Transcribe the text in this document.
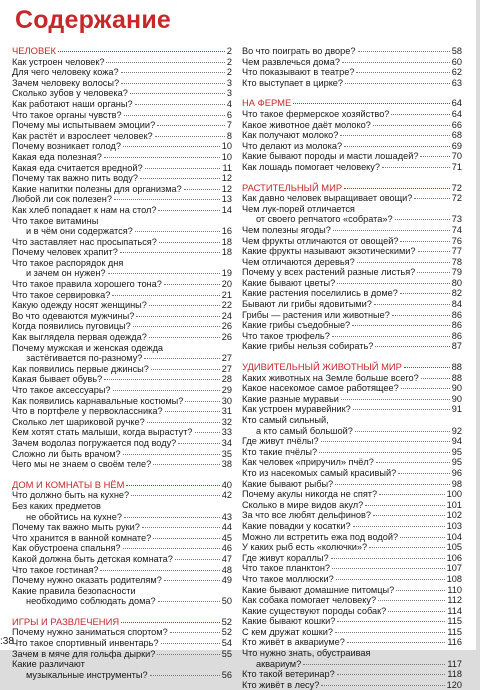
Содержание
ЧЕЛОВЕК	2
Как устроен человек?	2
Для чего человеку кожа?	2
Зачем человеку волосы?	3
Сколько зубов у человека?	3
Как работают наши органы?	4
Что такое органы чувств?	6
Почему мы испытываем эмоции?	7
Как растёт и взрослеет человек?	8
Почему возникает голод?	10
Какая еда полезная?	10
Какая еда считается вредной?	11
Почему так важно пить воду?	12
Какие напитки полезны для организма?	12
Любой ли сок полезен?	13
Как хлеб попадает к нам на стол?	14
Что такое витамины
и в чём они содержатся?	16
Что заставляет нас просыпаться?	18
Почему человек храпит?	18
Что такое распорядок дня
и зачем он нужен?	19
Что такое правила хорошего тона?	20
Что такое сервировка?	21
Какую одежду носят женщины?	22
Во что одеваются мужчины?	24
Когда появились пуговицы?	26
Как выглядела первая одежда?	26
Почему мужская и женская одежда
застёгивается по-разному?	27
Как появились первые джинсы?	27
Какая бывает обувь?	28
Что такое аксессуары?	29
Как появились карнавальные костюмы?	30
Что в портфеле у первоклассника?	31
Сколько лет шариковой ручке?	32
Кем хотят стать малыши, когда вырастут?	33
Зачем водолаз погружается под воду?	34
Сложно ли быть врачом?	35
Чего мы не знаем о своём теле?	38
ДОМ И КОМНАТЫ В НЁМ	40
Что должно быть на кухне?	42
Без каких предметов
не обойтись на кухне?	43
Почему так важно мыть руки?	44
Что хранится в ванной комнате?	45
Как обустроена спальня?	46
Какой должна быть детская комната?	47
Что такое гостиная?	48
Почему нужно оказать родителям?	49
Какие правила безопасности
необходимо соблюдать дома?	50
ИГРЫ И РАЗВЛЕЧЕНИЯ	52
Почему нужно заниматься спортом?	52
Что такое спортивный инвентарь?	54
Зачем в мяче для гольфа дырки?	55
Какие различают
музыкальные инструменты?	56
Во что поиграть во дворе?	58
Чем развлечься дома?	60
Что показывают в театре?	62
Кто выступает в цирке?	63
НА ФЕРМЕ	64
Что такое фермерское хозяйство?	64
Какое животное даёт молоко?	66
Как получают молоко?	68
Что делают из молока?	69
Какие бывают породы и масти лошадей?	70
Как лошадь помогает человеку?	71
РАСТИТЕЛЬНЫЙ МИР	72
Как давно человек выращивает овощи?	72
Чем лук-порей отличается
от своего репчатого «собрата»?	73
Чем полезны ягоды?	74
Чем фрукты отличаются от овощей?	76
Какие фрукты называют экзотическими?	77
Чем отличаются деревья?	78
Почему у всех растений разные листья?	79
Какие бывают цветы?	80
Какие растения поселились в доме?	82
Бывают ли грибы ядовитыми?	84
Грибы — растения или животные?	86
Какие грибы съедобные?	86
Что такое трюфель?	86
Какие грибы нельзя собирать?	87
УДИВИТЕЛЬНЫЙ ЖИВОТНЫЙ МИР	88
Каких животных на Земле больше всего?	88
Какое насекомое самое работящее?	90
Какие разные муравьи	90
Как устроен муравейник?	91
Кто самый сильный,
а кто самый большой?	92
Где живут пчёлы?	94
Кто такие пчёлы?	95
Как человек «приручил» пчёл?	95
Кто из насекомых самый красивый?	96
Какие бывают рыбы?	98
Почему акулы никогда не спят?	100
Сколько в мире видов акул?	101
За что все любят дельфинов?	102
Какие повадки у косатки?	103
Можно ли встретить ежа под водой?	104
У каких рыб есть «колючки»?	105
Где живут кораллы?	106
Что такое планктон?	107
Что такое моллюски?	108
Какие бывают домашние питомцы?	110
Как собака помогает человеку?	112
Какие существуют породы собак?	114
Какие бывают кошки?	115
С кем дружат кошки?	115
Кто живёт в аквариуме?	116
Что нужно знать, обустраивая
аквариум?	117
Кто такой ветеринар?	118
Кто живёт в лесу?	120
:38
